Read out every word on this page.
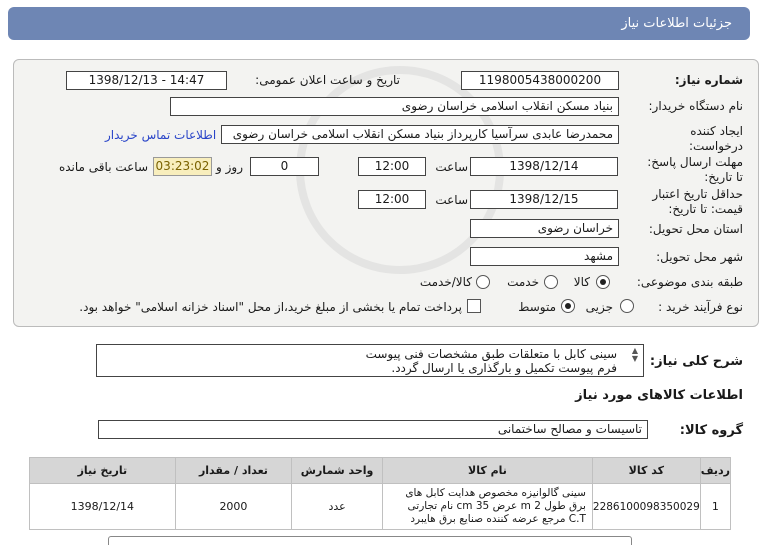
جزئیات اطلاعات نیاز
شماره نیاز:
1198005438000200
تاریخ و ساعت اعلان عمومی:
1398/12/13 - 14:47
نام دستگاه خریدار:
بنیاد مسکن انقلاب اسلامی خراسان رضوی
ایجاد کننده درخواست:
محمدرضا عابدی سرآسیا کارپرداز بنیاد مسکن انقلاب اسلامی خراسان رضوی
اطلاعات تماس خریدار
مهلت ارسال پاسخ: تا تاریخ:
1398/12/14
ساعت
12:00
0
روز و
03:23:02
ساعت باقی مانده
حداقل تاریخ اعتبار قیمت: تا تاریخ:
1398/12/15
ساعت
12:00
استان محل تحویل:
خراسان رضوی
شهر محل تحویل:
مشهد
طبقه بندی موضوعی:
کالا
خدمت
کالا/خدمت
نوع فرآیند خرید :
جزیی
متوسط
پرداخت تمام یا بخشی از مبلغ خرید،از محل "اسناد خزانه اسلامی" خواهد بود.
شرح کلی نیاز:
سینی کابل با متعلقات طبق مشخصات فنی پیوست
فرم پیوست تکمیل و بارگذاری یا ارسال گردد.
▲
▼
اطلاعات کالاهای مورد نیاز
گروه کالا:
تاسیسات و مصالح ساختمانی
ردیف	کد کالا	نام کالا	واحد شمارش	تعداد / مقدار	تاریخ نیاز
1	2286100098350029	سینی گالوانیزه مخصوص هدایت کابل های برق طول 2 m عرض 35 cm نام تجارتی C.T مرجع عرضه کننده صنایع برق هایبرد	عدد	2000	1398/12/14
